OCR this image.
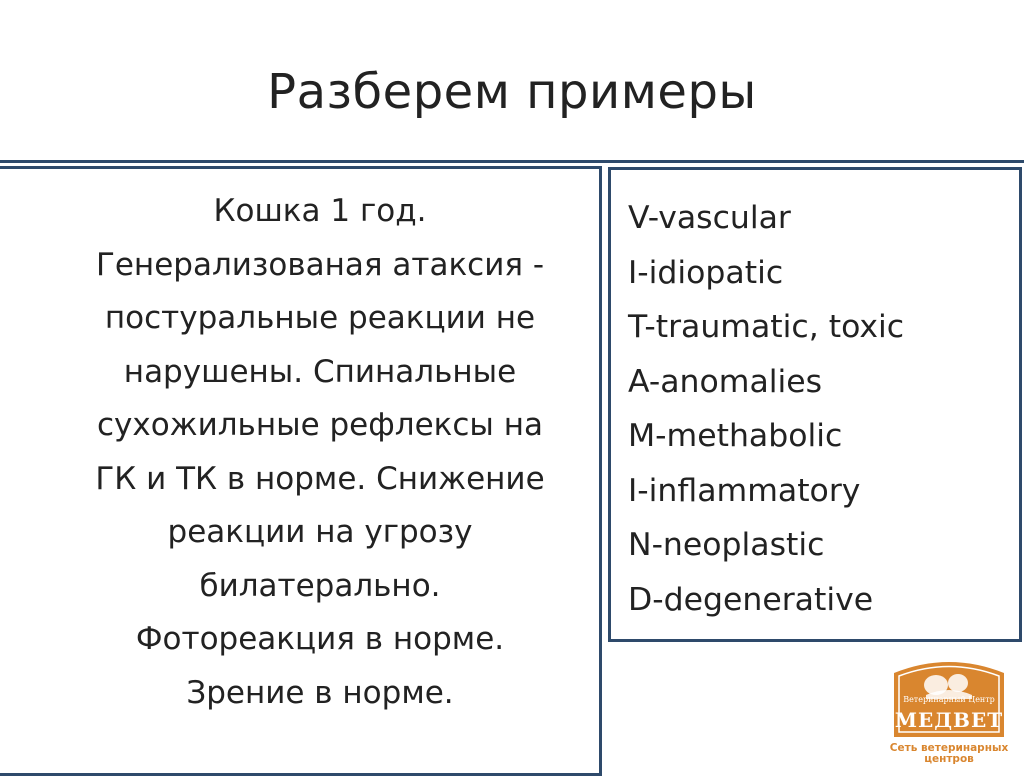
Разберем примеры
Кошка 1 год.
Генерализованая атаксия -
постуральные реакции не
нарушены. Спинальные
сухожильные рефлексы на
ГК и ТК в норме. Снижение
реакции на угрозу
билатерально.
Фотореакция в норме.
Зрение в норме.
V-vascular
I-idiopatic
T-traumatic, toxic
A-anomalies
M-methabolic
I-inflammatory
N-neoplastic
D-degenerative
Ветеринарный Центр
МЕДВЕТ
Сеть ветеринарных
центров
